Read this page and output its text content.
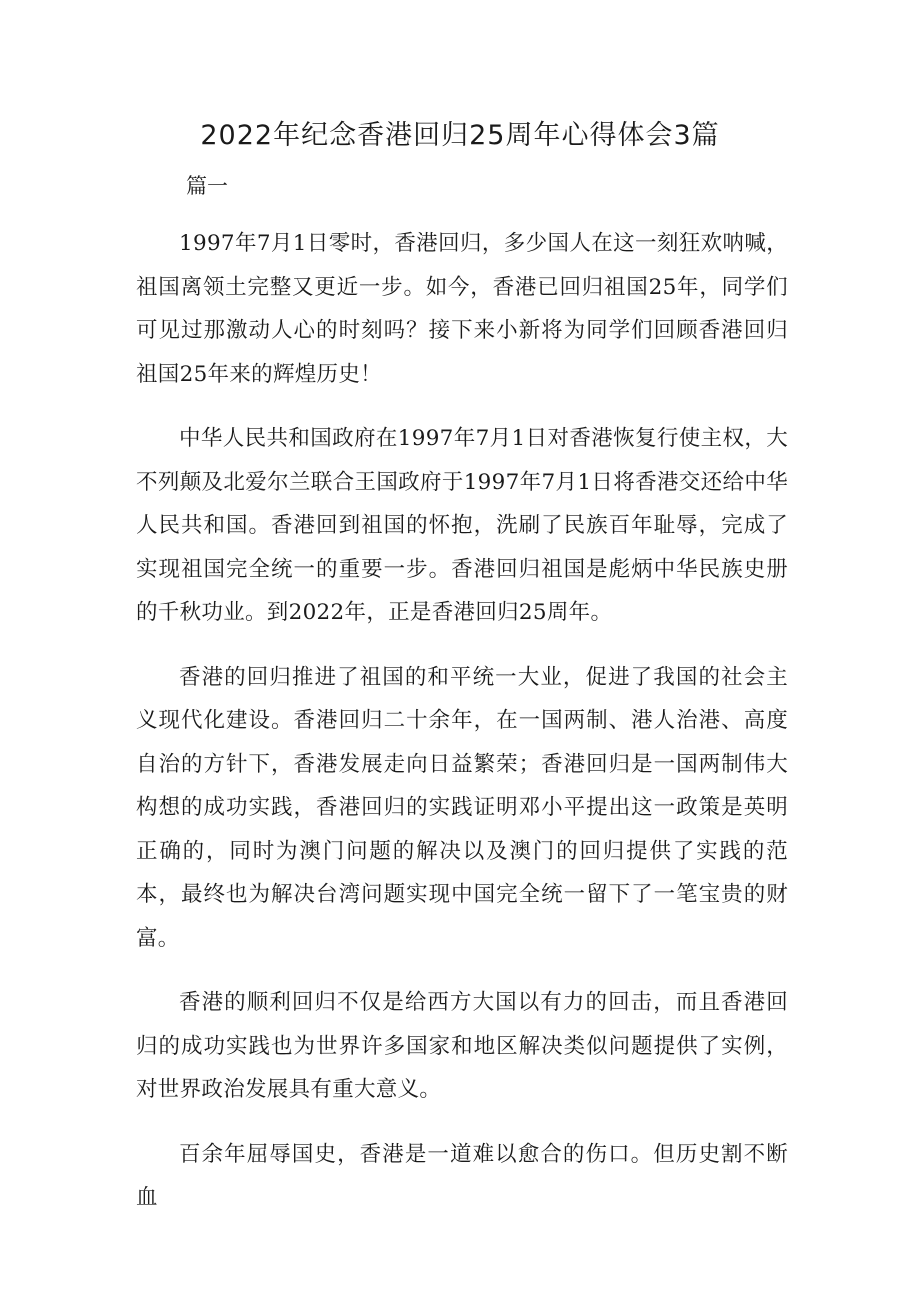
2022年纪念香港回归25周年心得体会3篇

篇一

1997年7月1日零时，香港回归，多少国人在这一刻狂欢呐喊，祖国离领土完整又更近一步。如今，香港已回归祖国25年，同学们可见过那激动人心的时刻吗？接下来小新将为同学们回顾香港回归祖国25年来的辉煌历史！

中华人民共和国政府在1997年7月1日对香港恢复行使主权，大不列颠及北爱尔兰联合王国政府于1997年7月1日将香港交还给中华人民共和国。香港回到祖国的怀抱，洗刷了民族百年耻辱，完成了实现祖国完全统一的重要一步。香港回归祖国是彪炳中华民族史册的千秋功业。到2022年，正是香港回归25周年。

香港的回归推进了祖国的和平统一大业，促进了我国的社会主义现代化建设。香港回归二十余年，在一国两制、港人治港、高度自治的方针下，香港发展走向日益繁荣；香港回归是一国两制伟大构想的成功实践，香港回归的实践证明邓小平提出这一政策是英明正确的，同时为澳门问题的解决以及澳门的回归提供了实践的范本，最终也为解决台湾问题实现中国完全统一留下了一笔宝贵的财富。

香港的顺利回归不仅是给西方大国以有力的回击，而且香港回归的成功实践也为世界许多国家和地区解决类似问题提供了实例，对世界政治发展具有重大意义。

百余年屈辱国史，香港是一道难以愈合的伤口。但历史割不断血
